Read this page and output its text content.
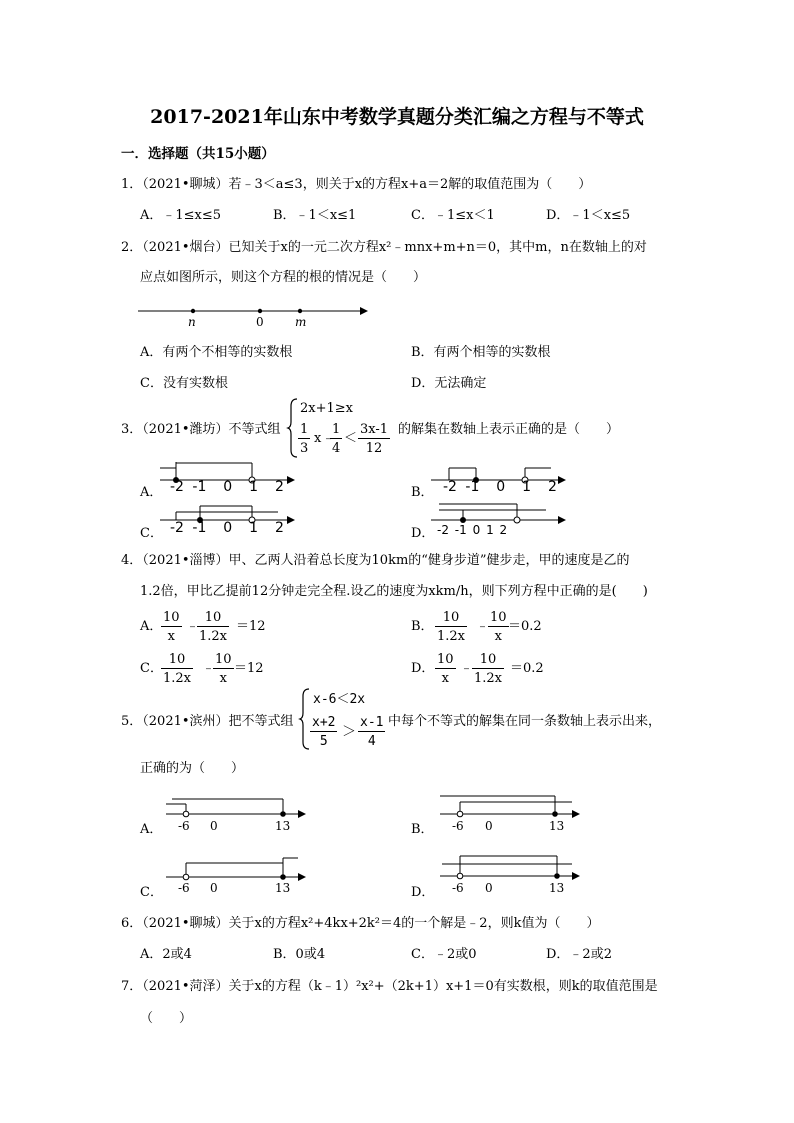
2017-2021年山东中考数学真题分类汇编之方程与不等式
一．选择题（共15小题）
1．（2021•聊城）若﹣3＜a≤3，则关于x的方程x+a＝2解的取值范围为（　　）
A．﹣1≤x≤5	B．﹣1＜x≤1	C．﹣1≤x＜1	D．﹣1＜x≤5
2．（2021•烟台）已知关于x的一元二次方程x²﹣mnx+m+n＝0，其中m，n在数轴上的对
应点如图所示，则这个方程的根的情况是（　　）
n	0	m
A．有两个不相等的实数根	B．有两个相等的实数根
C．没有实数根	D．无法确定
3．（2021•潍坊）不等式组
2x+1≥x
$\frac{1}{3}$ x ﹣
$\frac{1}{4} < \frac{3x-1}{12}$ 的解集在数轴上表示正确的是（　　）
A． -2 -1 0 1 2	B． -2 -1 0 1 2
C． -2 -1 0 1 2	D． -2 -1 0 1 2
4．（2021•淄博）甲、乙两人沿着总长度为10km的“健身步道”健步走，甲的速度是乙的
1.2倍，甲比乙提前12分钟走完全程.设乙的速度为xkm/h，则下列方程中正确的是(　　)
A．
$\frac{10}{x}$ ﹣
$\frac{10}{1.2x} =12$	B． $\frac{10}{1.2x}$ ﹣
$\frac{10}{x} =0.2$
C．
$\frac{10}{1.2x}$ ﹣
$\frac{10}{x} =12$	D． $\frac{10}{x}$ ﹣
$\frac{10}{1.2x} =0.2$
5．（2021•滨州）把不等式组
x-6＜2x
$\frac{x+2}{5} > \frac{x-1}{4}$ 中每个不等式的解集在同一条数轴上表示出来，
正确的为（　　）
A． -6 0	13	B． -6 0	13
C． -6 0	13	D． -6 0	13
6．（2021•聊城）关于x的方程x²+4kx+2k²＝4的一个解是﹣2，则k值为（　　）
A．2或4	B．0或4	C．﹣2或0	D．﹣2或2
7．（2021•菏泽）关于x的方程（k﹣1）²x²+（2k+1）x+1＝0有实数根，则k的取值范围是
（　　）
